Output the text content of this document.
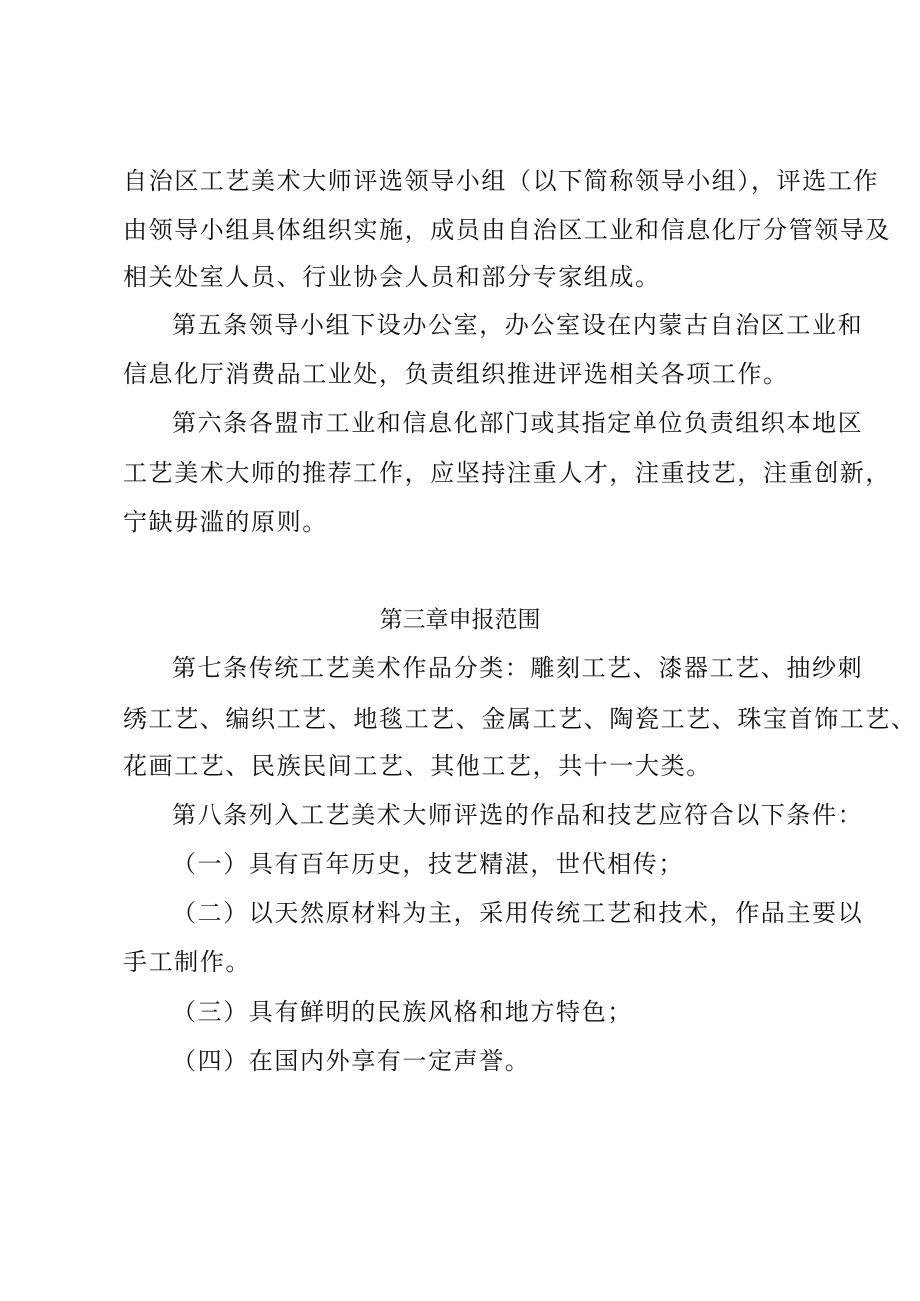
自治区工艺美术大师评选领导小组（以下简称领导小组），评选工作
由领导小组具体组织实施，成员由自治区工业和信息化厅分管领导及
相关处室人员、行业协会人员和部分专家组成。
第五条领导小组下设办公室，办公室设在内蒙古自治区工业和
信息化厅消费品工业处，负责组织推进评选相关各项工作。
第六条各盟市工业和信息化部门或其指定单位负责组织本地区
工艺美术大师的推荐工作，应坚持注重人才，注重技艺，注重创新，
宁缺毋滥的原则。
第三章申报范围
第七条传统工艺美术作品分类：雕刻工艺、漆器工艺、抽纱刺
绣工艺、编织工艺、地毯工艺、金属工艺、陶瓷工艺、珠宝首饰工艺、
花画工艺、民族民间工艺、其他工艺，共十一大类。
第八条列入工艺美术大师评选的作品和技艺应符合以下条件：
（一）具有百年历史，技艺精湛，世代相传；
（二）以天然原材料为主，采用传统工艺和技术，作品主要以
手工制作。
（三）具有鲜明的民族风格和地方特色；
（四）在国内外享有一定声誉。
